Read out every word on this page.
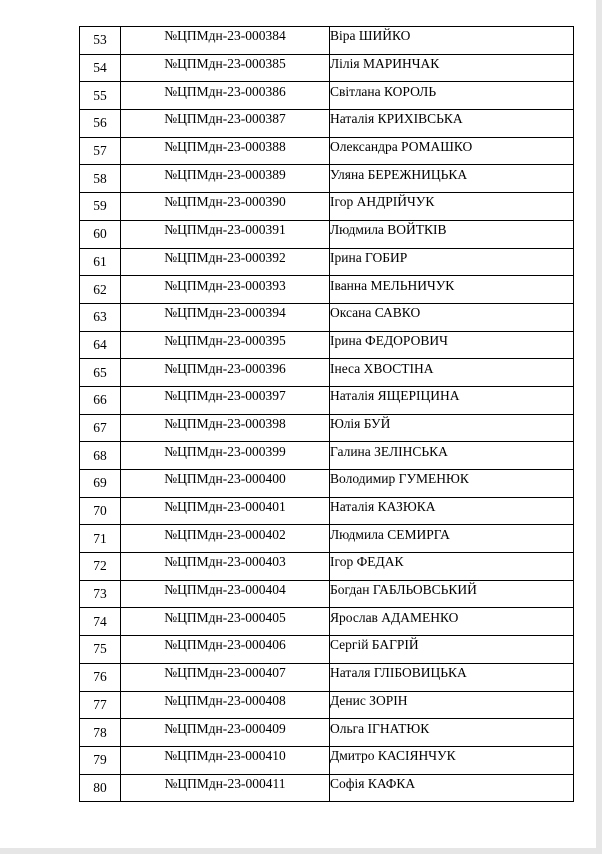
53	№ЦПМдн-23-000384	Віра ШИЙКО
54	№ЦПМдн-23-000385	Лілія МАРИНЧАК
55	№ЦПМдн-23-000386	Світлана КОРОЛЬ
56	№ЦПМдн-23-000387	Наталія КРИХІВСЬКА
57	№ЦПМдн-23-000388	Олександра РОМАШКО
58	№ЦПМдн-23-000389	Уляна БЕРЕЖНИЦЬКА
59	№ЦПМдн-23-000390	Ігор АНДРІЙЧУК
60	№ЦПМдн-23-000391	Людмила ВОЙТКІВ
61	№ЦПМдн-23-000392	Ірина ГОБИР
62	№ЦПМдн-23-000393	Іванна МЕЛЬНИЧУК
63	№ЦПМдн-23-000394	Оксана САВКО
64	№ЦПМдн-23-000395	Ірина ФЕДОРОВИЧ
65	№ЦПМдн-23-000396	Інеса ХВОСТІНА
66	№ЦПМдн-23-000397	Наталія ЯЩЕРІЦИНА
67	№ЦПМдн-23-000398	Юлія БУЙ
68	№ЦПМдн-23-000399	Галина ЗЕЛІНСЬКА
69	№ЦПМдн-23-000400	Володимир ГУМЕНЮК
70	№ЦПМдн-23-000401	Наталія КАЗЮКА
71	№ЦПМдн-23-000402	Людмила СЕМИРГА
72	№ЦПМдн-23-000403	Ігор ФЕДАК
73	№ЦПМдн-23-000404	Богдан ГАБЛЬОВСЬКИЙ
74	№ЦПМдн-23-000405	Ярослав АДАМЕНКО
75	№ЦПМдн-23-000406	Сергій БАГРІЙ
76	№ЦПМдн-23-000407	Наталя ГЛІБОВИЦЬКА
77	№ЦПМдн-23-000408	Денис ЗОРІН
78	№ЦПМдн-23-000409	Ольга ІГНАТЮК
79	№ЦПМдн-23-000410	Дмитро КАСІЯНЧУК
80	№ЦПМдн-23-000411	Софія КАФКА
